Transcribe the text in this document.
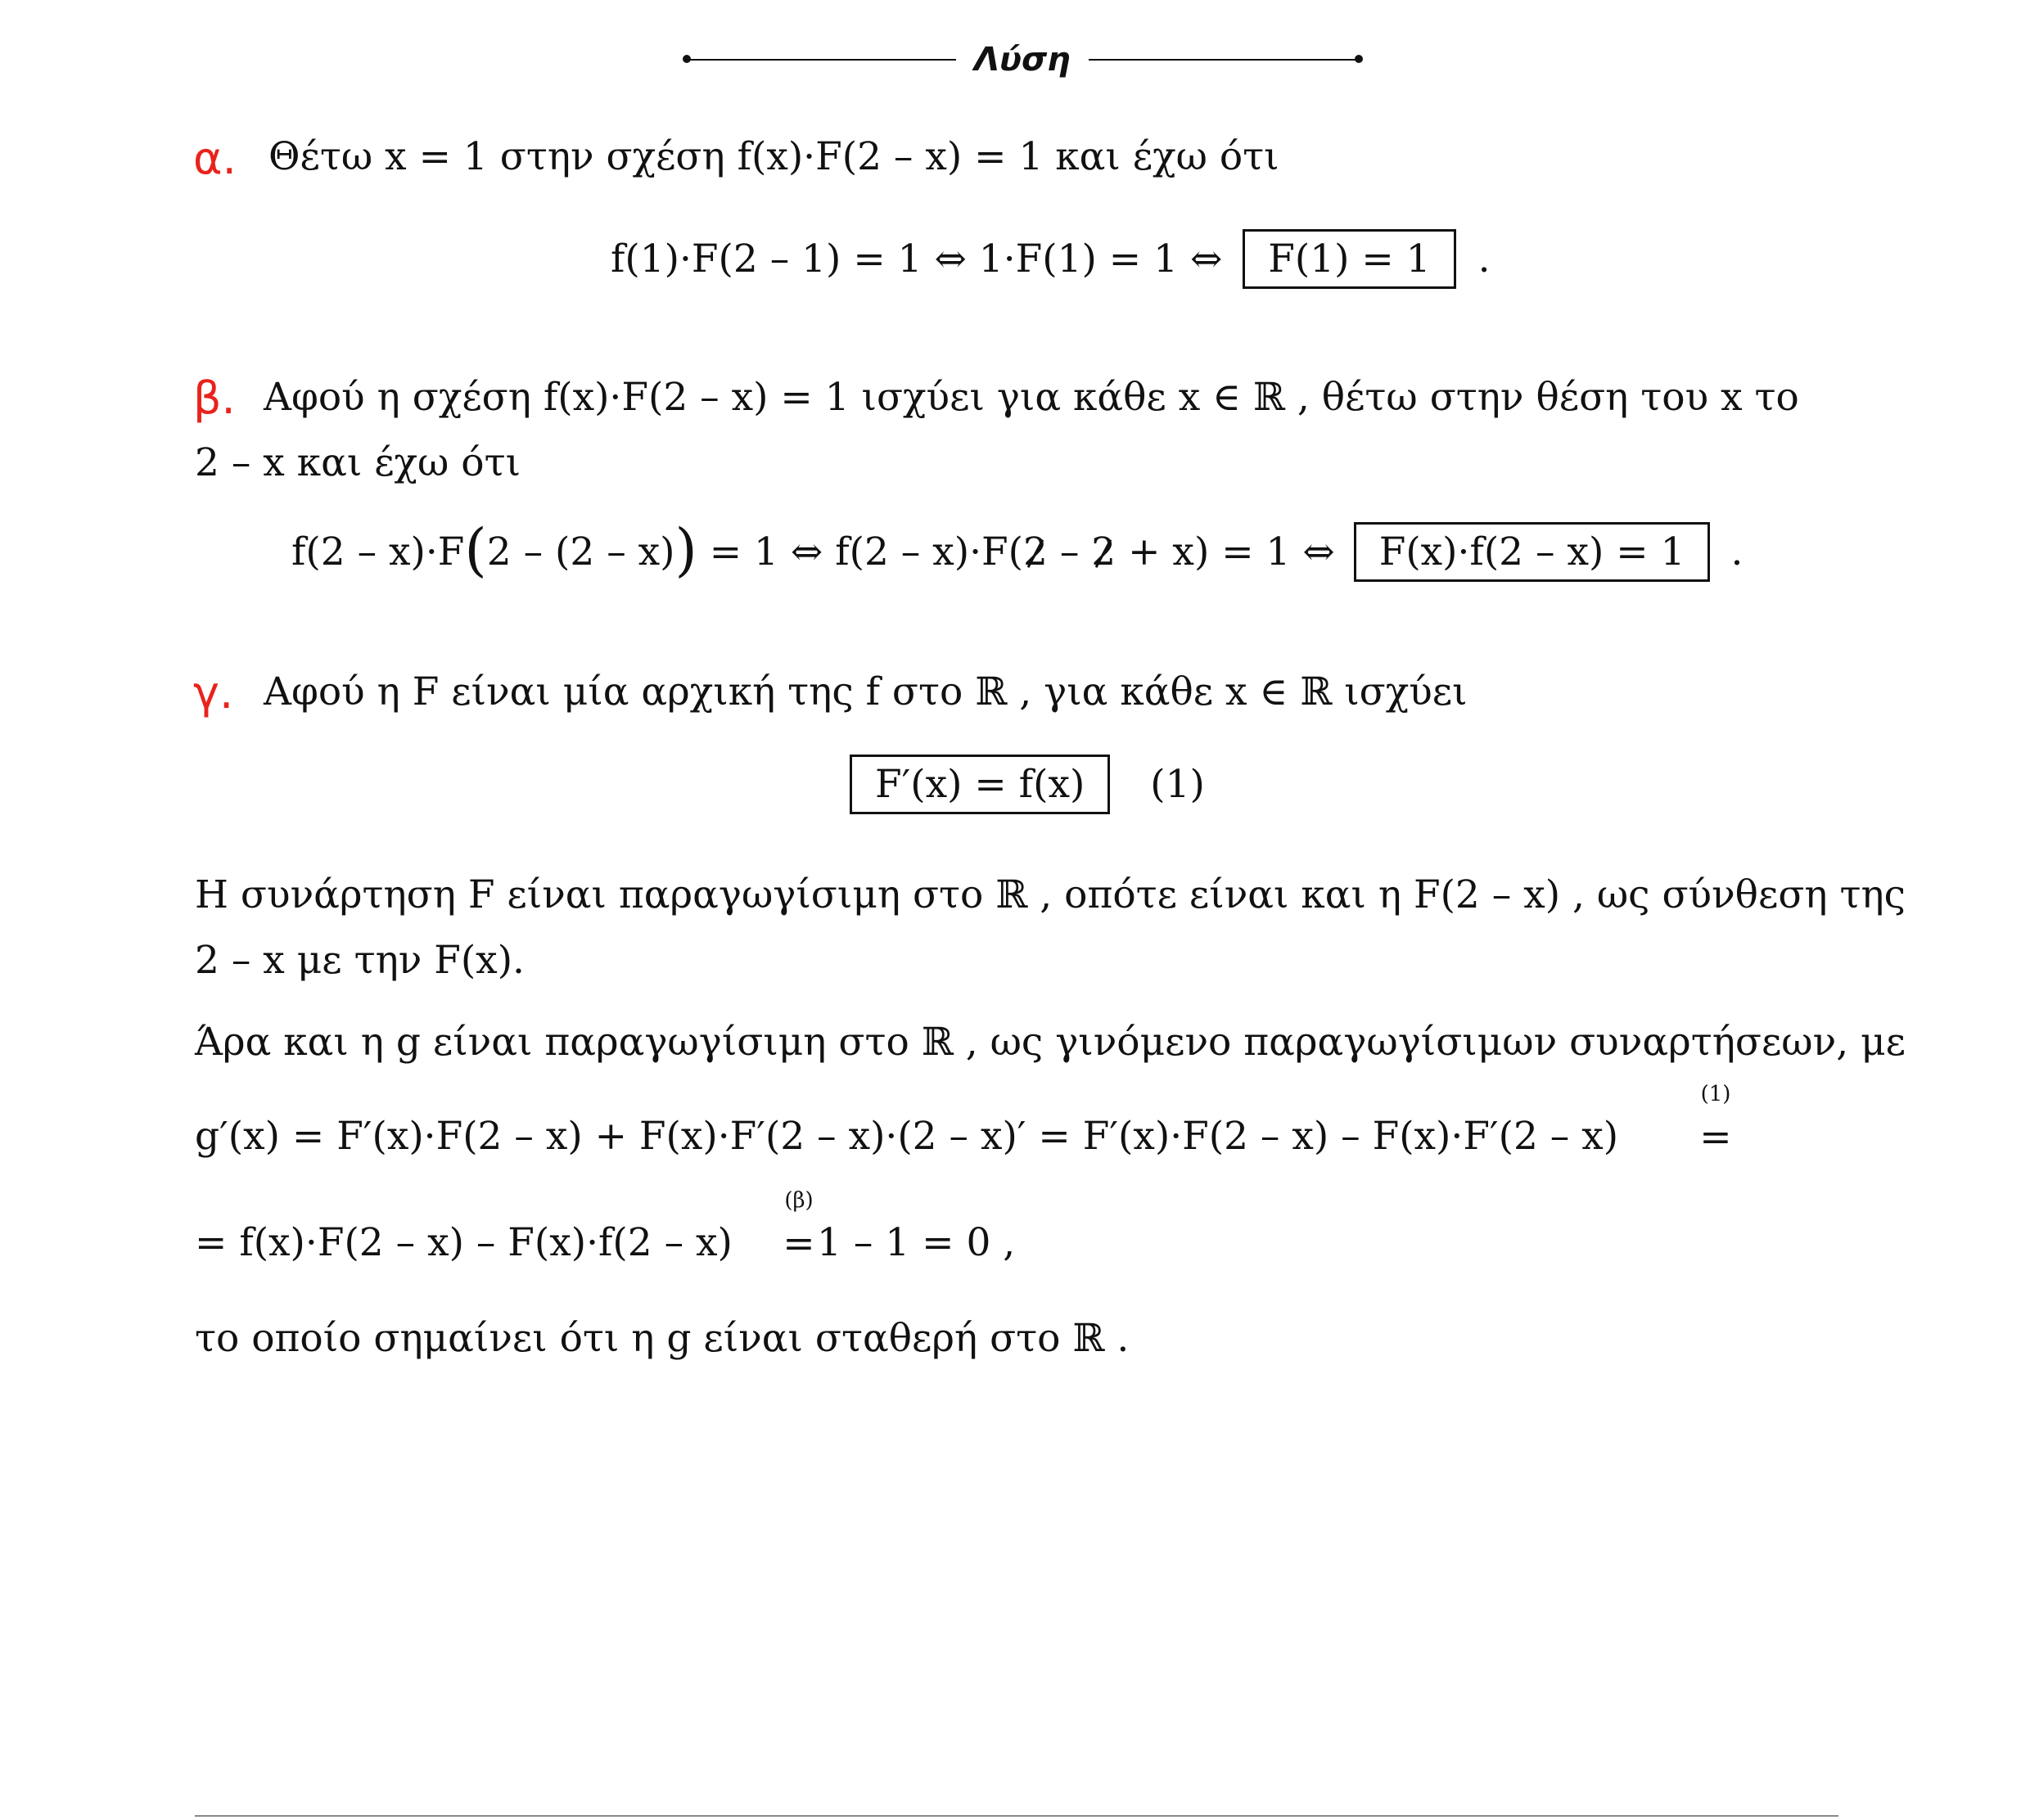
Λύση
α. Θέτω x = 1 στην σχέση f(x)·F(2 – x) = 1 και έχω ότι
f(1)·F(2 – 1) = 1 ⇔ 1·F(1) = 1 ⇔ F(1) = 1 .
β. Αφού η σχέση f(x)·F(2 – x) = 1 ισχύει για κάθε x ∈ ℝ , θέτω στην θέση του x το
2 – x και έχω ότι
f(2 – x)·F(2 – (2 – x)) = 1 ⇔ f(2 – x)·F(2 – 2 + x) = 1 ⇔ F(x)·f(2 – x) = 1 .
γ. Αφού η F είναι μία αρχική της f στο ℝ , για κάθε x ∈ ℝ ισχύει
F′(x) = f(x) (1)
Η συνάρτηση F είναι παραγωγίσιμη στο ℝ , οπότε είναι και η F(2 – x) , ως σύνθεση της
2 – x με την F(x).
Άρα και η g είναι παραγωγίσιμη στο ℝ , ως γινόμενο παραγωγίσιμων συναρτήσεων, με
g′(x) = F′(x)·F(2 – x) + F(x)·F′(2 – x)·(2 – x)′ = F′(x)·F(2 – x) – F(x)·F′(2 – x)
(1)
=
= f(x)·F(2 – x) – F(x)·f(2 – x)
(β)
= 1 – 1 = 0 ,
το οποίο σημαίνει ότι η g είναι σταθερή στο ℝ .
